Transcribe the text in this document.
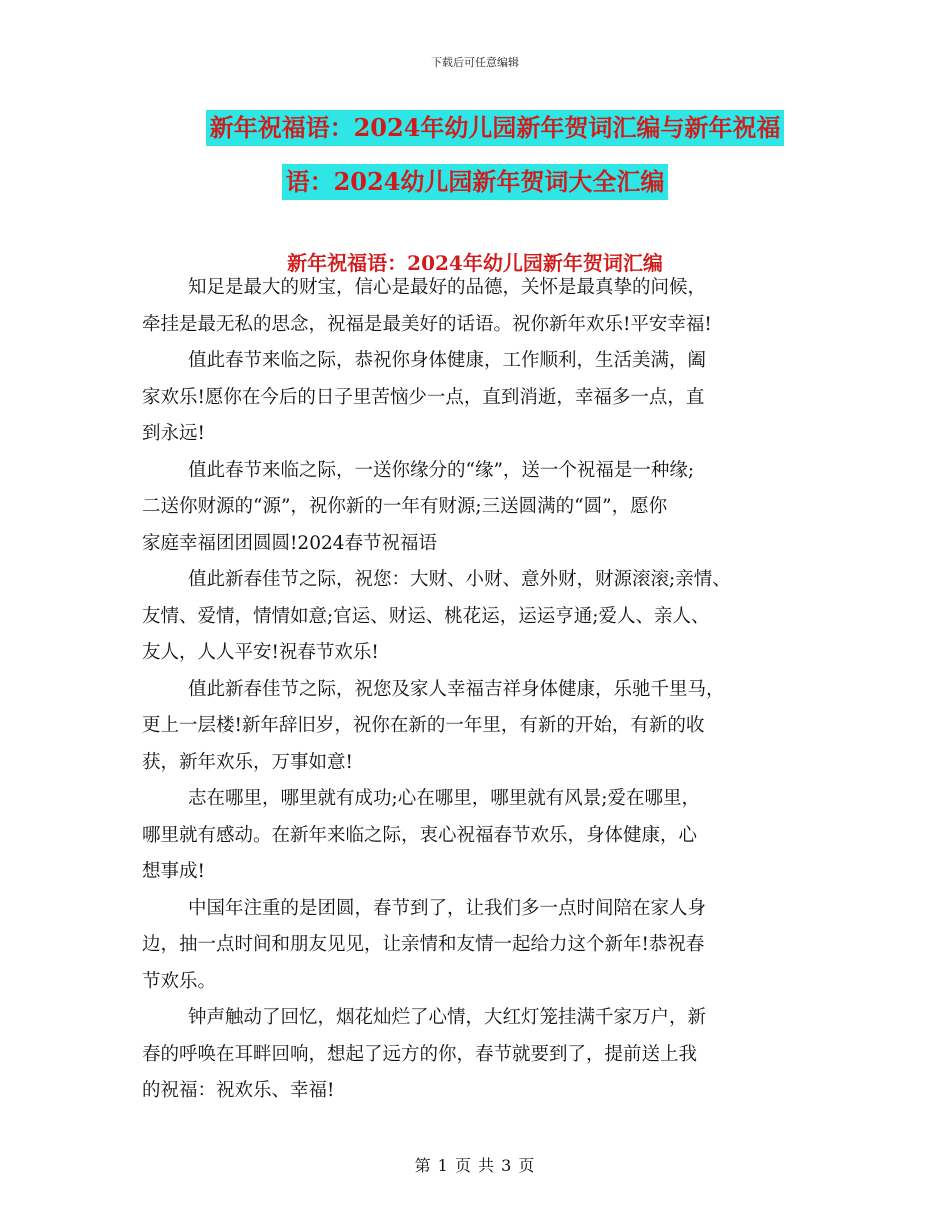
下载后可任意编辑
新年祝福语：2024年幼儿园新年贺词汇编与新年祝福
语：2024幼儿园新年贺词大全汇编
新年祝福语：2024年幼儿园新年贺词汇编
知足是最大的财宝，信心是最好的品德，关怀是最真挚的问候，
牵挂是最无私的思念，祝福是最美好的话语。祝你新年欢乐!平安幸福!
值此春节来临之际，恭祝你身体健康，工作顺利，生活美满，阖
家欢乐!愿你在今后的日子里苦恼少一点，直到消逝，幸福多一点，直
到永远!
值此春节来临之际，一送你缘分的“缘”，送一个祝福是一种缘;
二送你财源的“源”，祝你新的一年有财源;三送圆满的“圆”，愿你
家庭幸福团团圆圆!2024春节祝福语
值此新春佳节之际，祝您：大财、小财、意外财，财源滚滚;亲情、
友情、爱情，情情如意;官运、财运、桃花运，运运亨通;爱人、亲人、
友人，人人平安!祝春节欢乐!
值此新春佳节之际，祝您及家人幸福吉祥身体健康，乐驰千里马，
更上一层楼!新年辞旧岁，祝你在新的一年里，有新的开始，有新的收
获，新年欢乐，万事如意!
志在哪里，哪里就有成功;心在哪里，哪里就有风景;爱在哪里，
哪里就有感动。在新年来临之际，衷心祝福春节欢乐，身体健康，心
想事成!
中国年注重的是团圆，春节到了，让我们多一点时间陪在家人身
边，抽一点时间和朋友见见，让亲情和友情一起给力这个新年!恭祝春
节欢乐。
钟声触动了回忆，烟花灿烂了心情，大红灯笼挂满千家万户，新
春的呼唤在耳畔回响，想起了远方的你，春节就要到了，提前送上我
的祝福：祝欢乐、幸福!
第 1 页 共 3 页
